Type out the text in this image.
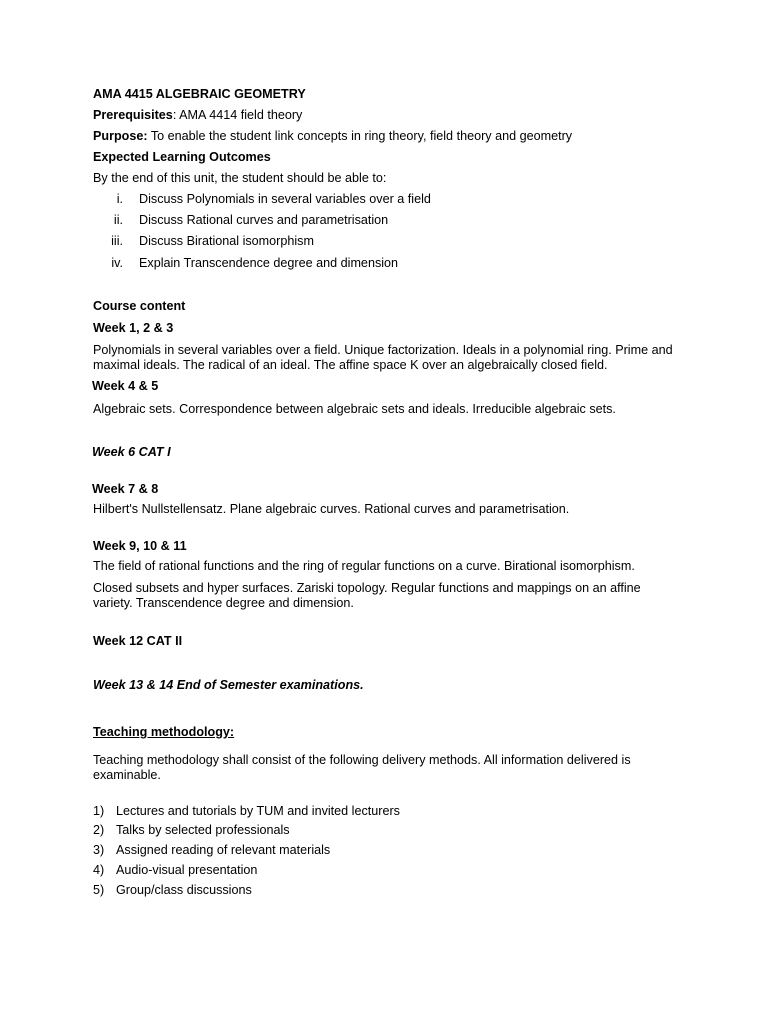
AMA 4415 ALGEBRAIC GEOMETRY
Prerequisites: AMA 4414 field theory
Purpose: To enable the student link concepts in ring theory, field theory and geometry
Expected Learning Outcomes
By the end of this unit, the student should be able to:
i. Discuss Polynomials in several variables over a field
ii. Discuss Rational curves and parametrisation
iii. Discuss Birational isomorphism
iv. Explain Transcendence degree and dimension
Course content
Week 1, 2 & 3
Polynomials in several variables over a field. Unique factorization. Ideals in a polynomial ring. Prime and maximal ideals. The radical of an ideal. The affine space K over an algebraically closed field.
Week 4 & 5
Algebraic sets. Correspondence between algebraic sets and ideals. Irreducible algebraic sets.
Week 6 CAT I
Week 7 & 8
Hilbert's Nullstellensatz. Plane algebraic curves. Rational curves and parametrisation.
Week 9, 10 & 11
The field of rational functions and the ring of regular functions on a curve. Birational isomorphism.
Closed subsets and hyper surfaces. Zariski topology. Regular functions and mappings on an affine variety. Transcendence degree and dimension.
Week 12 CAT II
Week 13 & 14 End of Semester examinations.
Teaching methodology:
Teaching methodology shall consist of the following delivery methods. All information delivered is examinable.
1) Lectures and tutorials by TUM and invited lecturers
2) Talks by selected professionals
3) Assigned reading of relevant materials
4) Audio-visual presentation
5) Group/class discussions
